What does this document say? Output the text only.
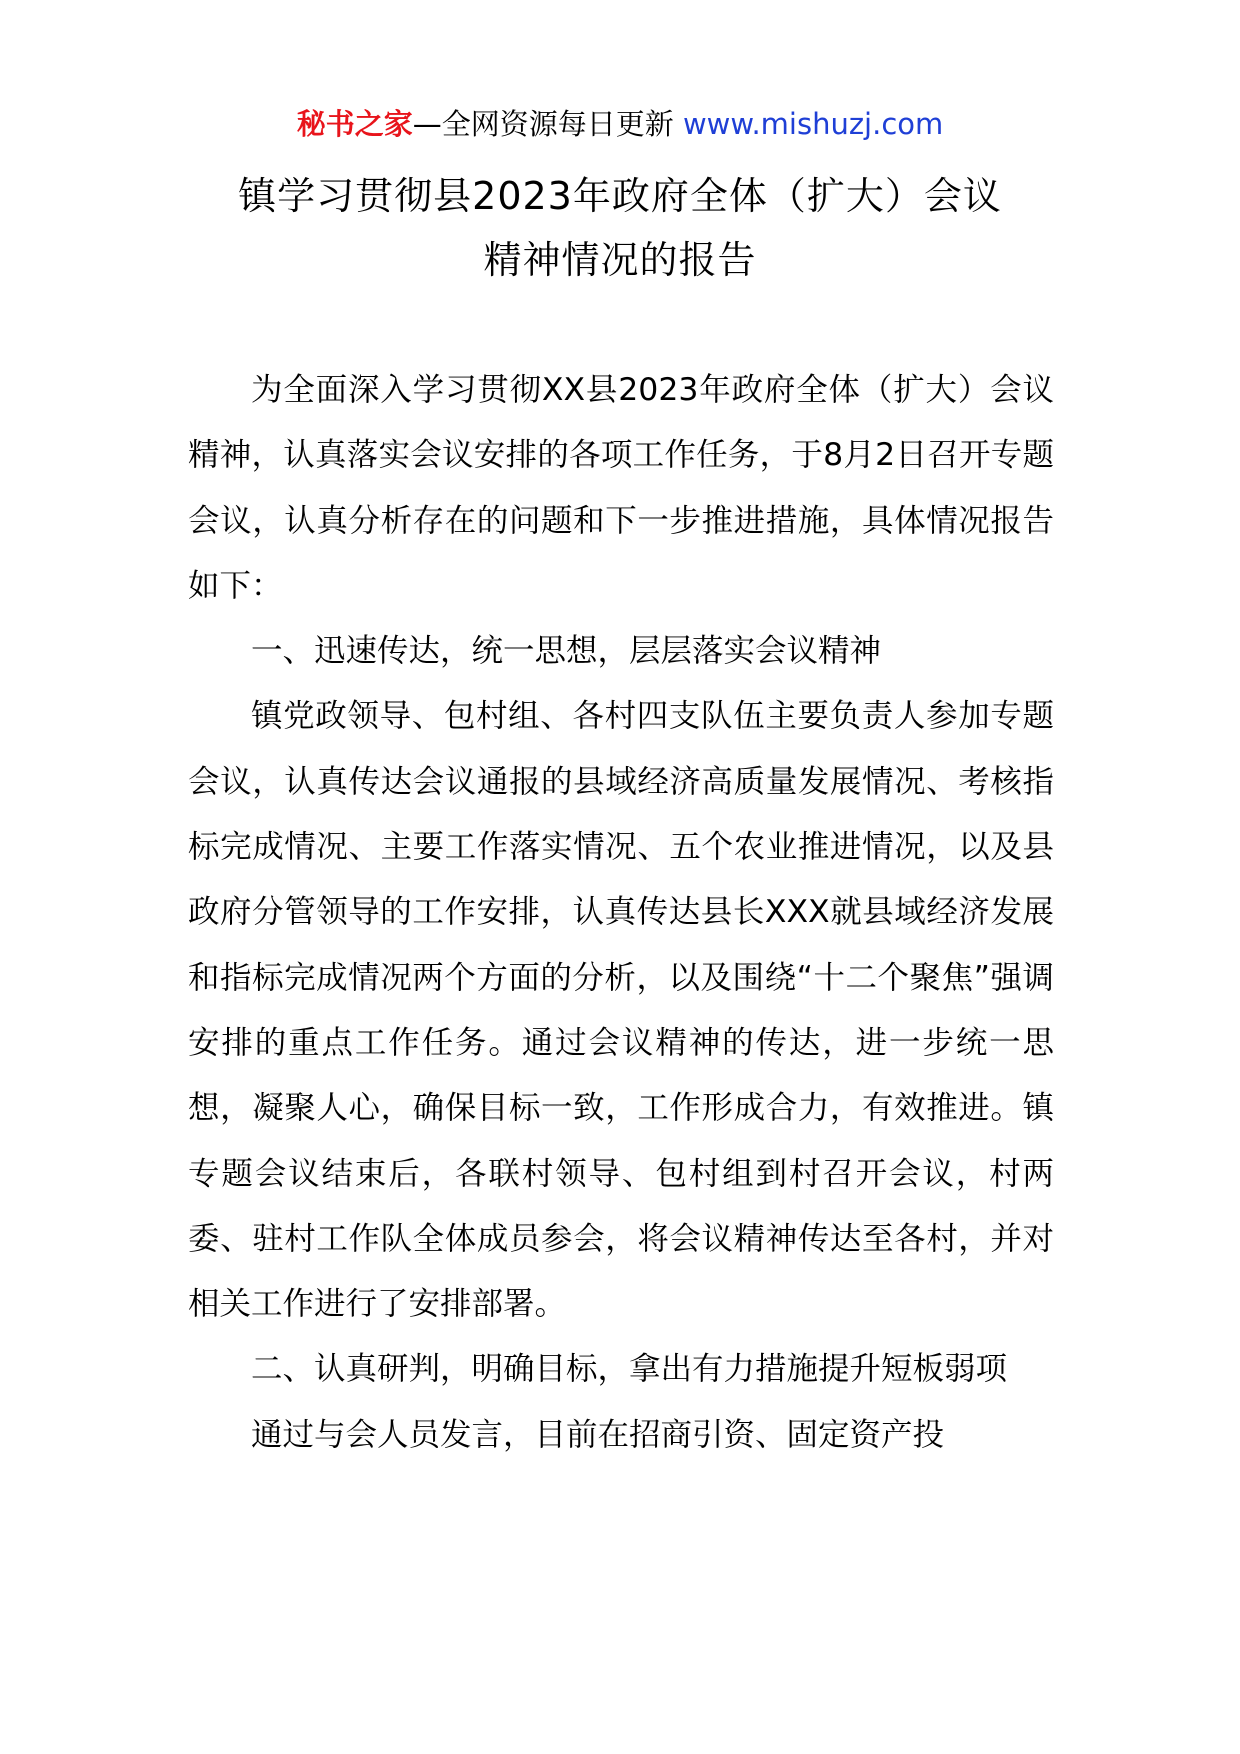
秘书之家—全网资源每日更新 www.mishuzj.com
镇学习贯彻县2023年政府全体（扩大）会议
精神情况的报告

为全面深入学习贯彻XX县2023年政府全体（扩大）会议精神，认真落实会议安排的各项工作任务，于8月2日召开专题会议，认真分析存在的问题和下一步推进措施，具体情况报告如下：

一、迅速传达，统一思想，层层落实会议精神

镇党政领导、包村组、各村四支队伍主要负责人参加专题会议，认真传达会议通报的县域经济高质量发展情况、考核指标完成情况、主要工作落实情况、五个农业推进情况，以及县政府分管领导的工作安排，认真传达县长XXX就县域经济发展和指标完成情况两个方面的分析，以及围绕“十二个聚焦”强调安排的重点工作任务。通过会议精神的传达，进一步统一思想，凝聚人心，确保目标一致，工作形成合力，有效推进。镇专题会议结束后，各联村领导、包村组到村召开会议，村两委、驻村工作队全体成员参会，将会议精神传达至各村，并对相关工作进行了安排部署。

二、认真研判，明确目标，拿出有力措施提升短板弱项

通过与会人员发言，目前在招商引资、固定资产投
